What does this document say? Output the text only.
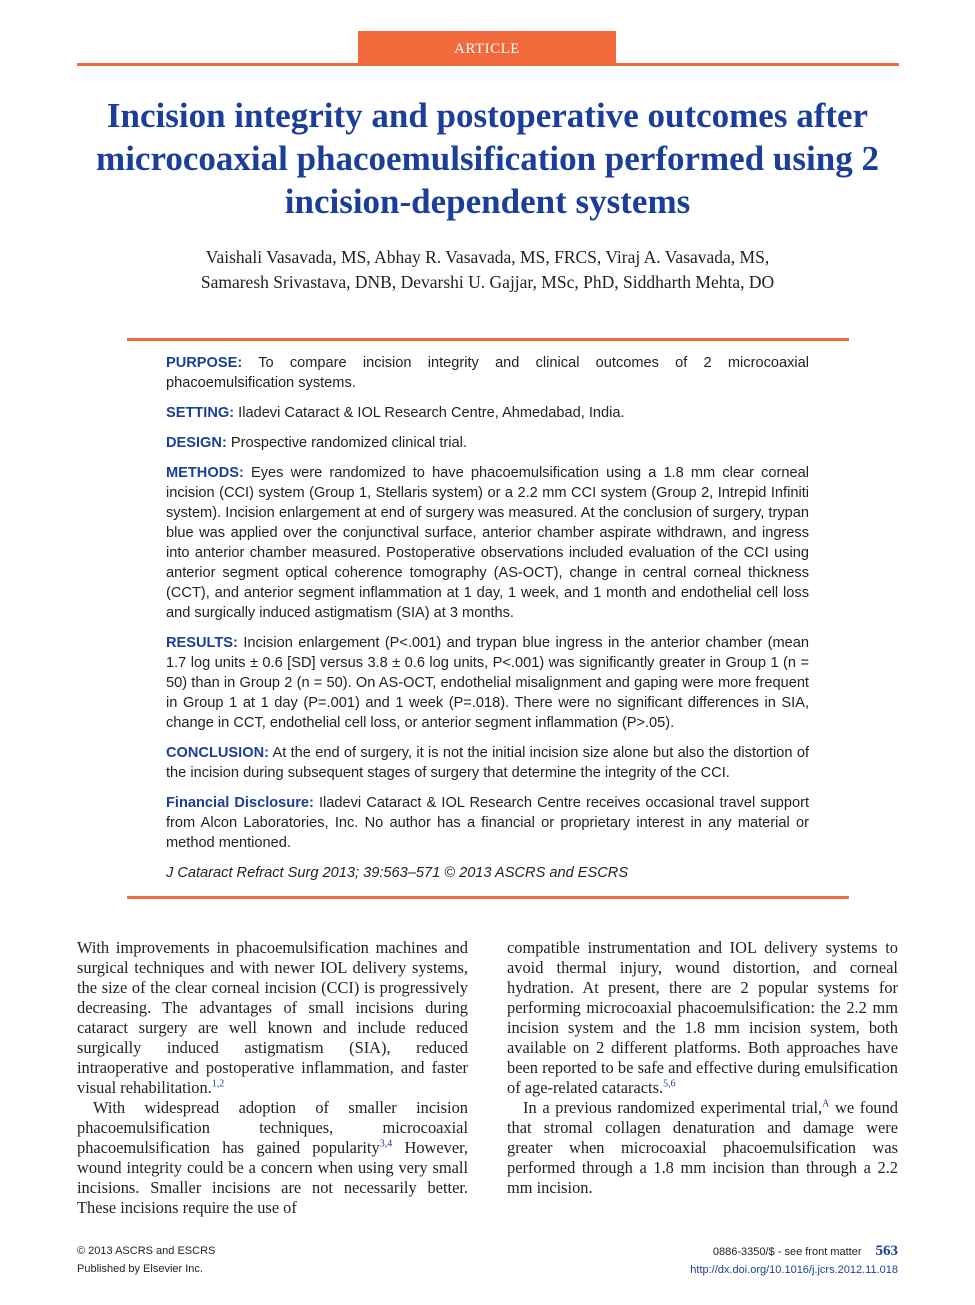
ARTICLE
Incision integrity and postoperative outcomes after microcoaxial phacoemulsification performed using 2 incision-dependent systems
Vaishali Vasavada, MS, Abhay R. Vasavada, MS, FRCS, Viraj A. Vasavada, MS,
Samaresh Srivastava, DNB, Devarshi U. Gajjar, MSc, PhD, Siddharth Mehta, DO

PURPOSE: To compare incision integrity and clinical outcomes of 2 microcoaxial phacoemulsification systems.

SETTING: Iladevi Cataract & IOL Research Centre, Ahmedabad, India.

DESIGN: Prospective randomized clinical trial.

METHODS: Eyes were randomized to have phacoemulsification using a 1.8 mm clear corneal incision (CCI) system (Group 1, Stellaris system) or a 2.2 mm CCI system (Group 2, Intrepid Infiniti system). Incision enlargement at end of surgery was measured. At the conclusion of surgery, trypan blue was applied over the conjunctival surface, anterior chamber aspirate withdrawn, and ingress into anterior chamber measured. Postoperative observations included evaluation of the CCI using anterior segment optical coherence tomography (AS-OCT), change in central corneal thickness (CCT), and anterior segment inflammation at 1 day, 1 week, and 1 month and endothelial cell loss and surgically induced astigmatism (SIA) at 3 months.

RESULTS: Incision enlargement (P<.001) and trypan blue ingress in the anterior chamber (mean 1.7 log units ± 0.6 [SD] versus 3.8 ± 0.6 log units, P<.001) was significantly greater in Group 1 (n = 50) than in Group 2 (n = 50). On AS-OCT, endothelial misalignment and gaping were more frequent in Group 1 at 1 day (P=.001) and 1 week (P=.018). There were no significant differences in SIA, change in CCT, endothelial cell loss, or anterior segment inflammation (P>.05).

CONCLUSION: At the end of surgery, it is not the initial incision size alone but also the distortion of the incision during subsequent stages of surgery that determine the integrity of the CCI.

Financial Disclosure: Iladevi Cataract & IOL Research Centre receives occasional travel support from Alcon Laboratories, Inc. No author has a financial or proprietary interest in any material or method mentioned.

J Cataract Refract Surg 2013; 39:563–571 © 2013 ASCRS and ESCRS

With improvements in phacoemulsification machines and surgical techniques and with newer IOL delivery systems, the size of the clear corneal incision (CCI) is progressively decreasing. The advantages of small incisions during cataract surgery are well known and include reduced surgically induced astigmatism (SIA), reduced intraoperative and postoperative inflammation, and faster visual rehabilitation.$^{1,2}$

With widespread adoption of smaller incision phacoemulsification techniques, microcoaxial phacoemulsification has gained popularity$^{3,4}$ However, wound integrity could be a concern when using very small incisions. Smaller incisions are not necessarily better. These incisions require the use of

compatible instrumentation and IOL delivery systems to avoid thermal injury, wound distortion, and corneal hydration. At present, there are 2 popular systems for performing microcoaxial phacoemulsification: the 2.2 mm incision system and the 1.8 mm incision system, both available on 2 different platforms. Both approaches have been reported to be safe and effective during emulsification of age-related cataracts.$^{5,6}$

In a previous randomized experimental trial,$^A$ we found that stromal collagen denaturation and damage were greater when microcoaxial phacoemulsification was performed through a 1.8 mm incision than through a 2.2 mm incision.

© 2013 ASCRS and ESCRS
Published by Elsevier Inc.
0886-3350/$ - see front matter 563
http://dx.doi.org/10.1016/j.jcrs.2012.11.018
